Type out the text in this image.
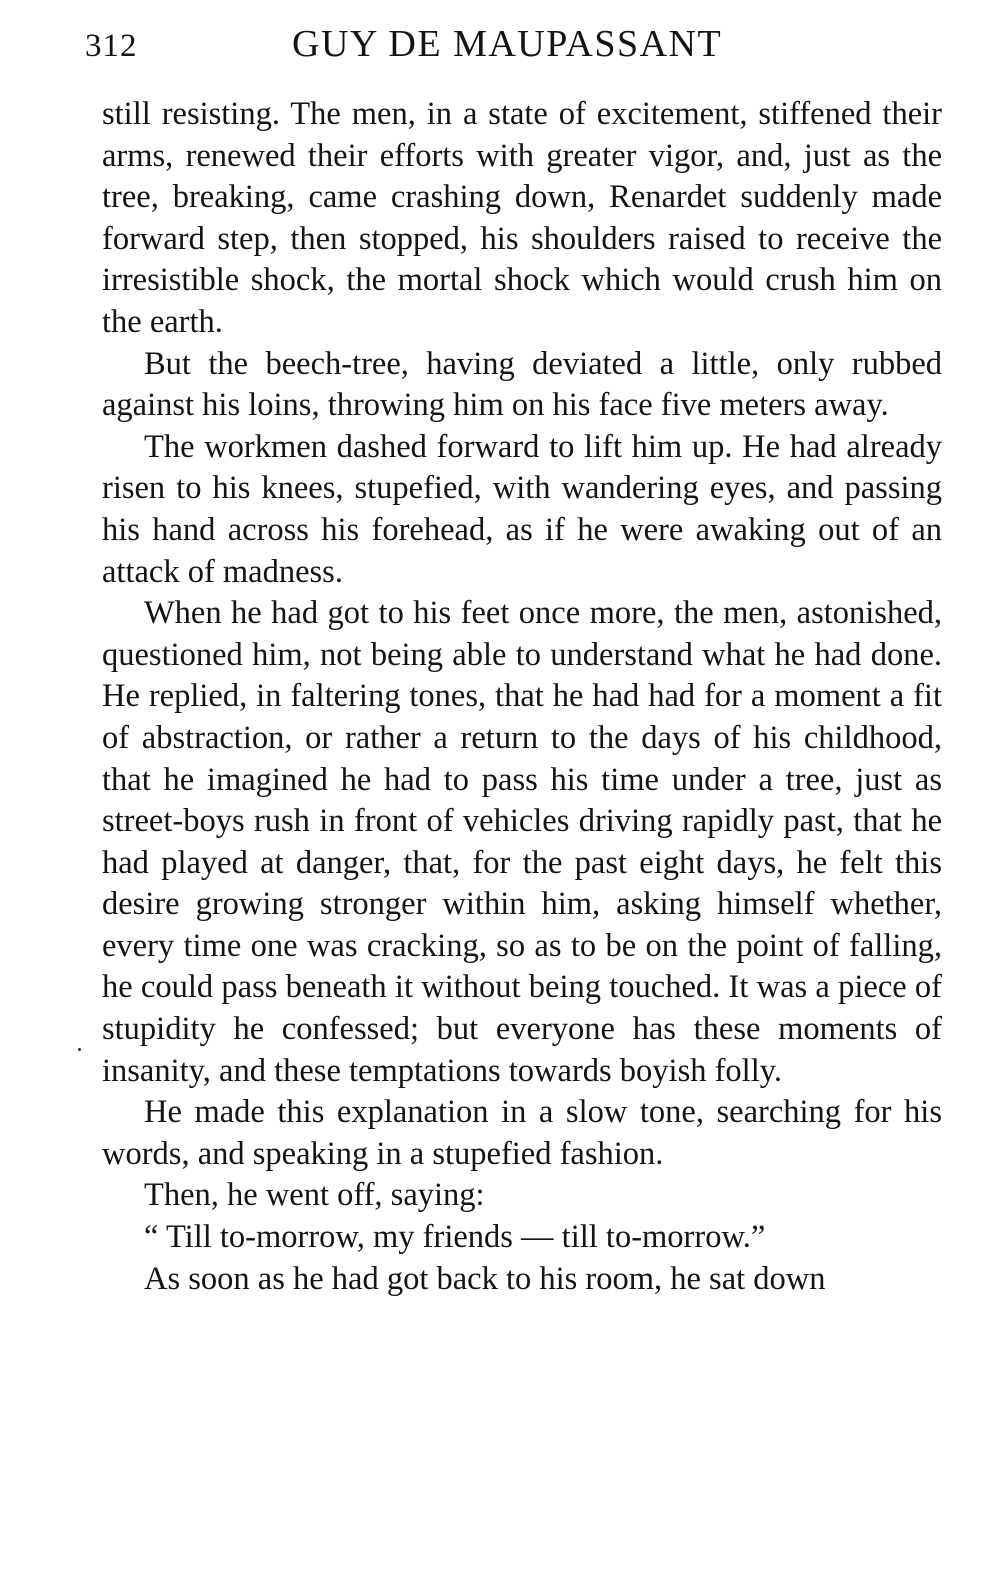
312	GUY DE MAUPASSANT

still resisting. The men, in a state of excitement, stiffened their arms, renewed their efforts with greater vigor, and, just as the tree, breaking, came crashing down, Renardet suddenly made forward step, then stopped, his shoulders raised to receive the irresistible shock, the mortal shock which would crush him on the earth.

But the beech-tree, having deviated a little, only rubbed against his loins, throwing him on his face five meters away.

The workmen dashed forward to lift him up. He had already risen to his knees, stupefied, with wandering eyes, and passing his hand across his forehead, as if he were awaking out of an attack of madness.

When he had got to his feet once more, the men, astonished, questioned him, not being able to understand what he had done. He replied, in faltering tones, that he had had for a moment a fit of abstraction, or rather a return to the days of his childhood, that he imagined he had to pass his time under a tree, just as street-boys rush in front of vehicles driving rapidly past, that he had played at danger, that, for the past eight days, he felt this desire growing stronger within him, asking himself whether, every time one was cracking, so as to be on the point of falling, he could pass beneath it without being touched. It was a piece of stupidity he confessed; but everyone has these moments of insanity, and these temptations towards boyish folly.

He made this explanation in a slow tone, searching for his words, and speaking in a stupefied fashion.

Then, he went off, saying:

“ Till to-morrow, my friends — till to-morrow.”

As soon as he had got back to his room, he sat down
